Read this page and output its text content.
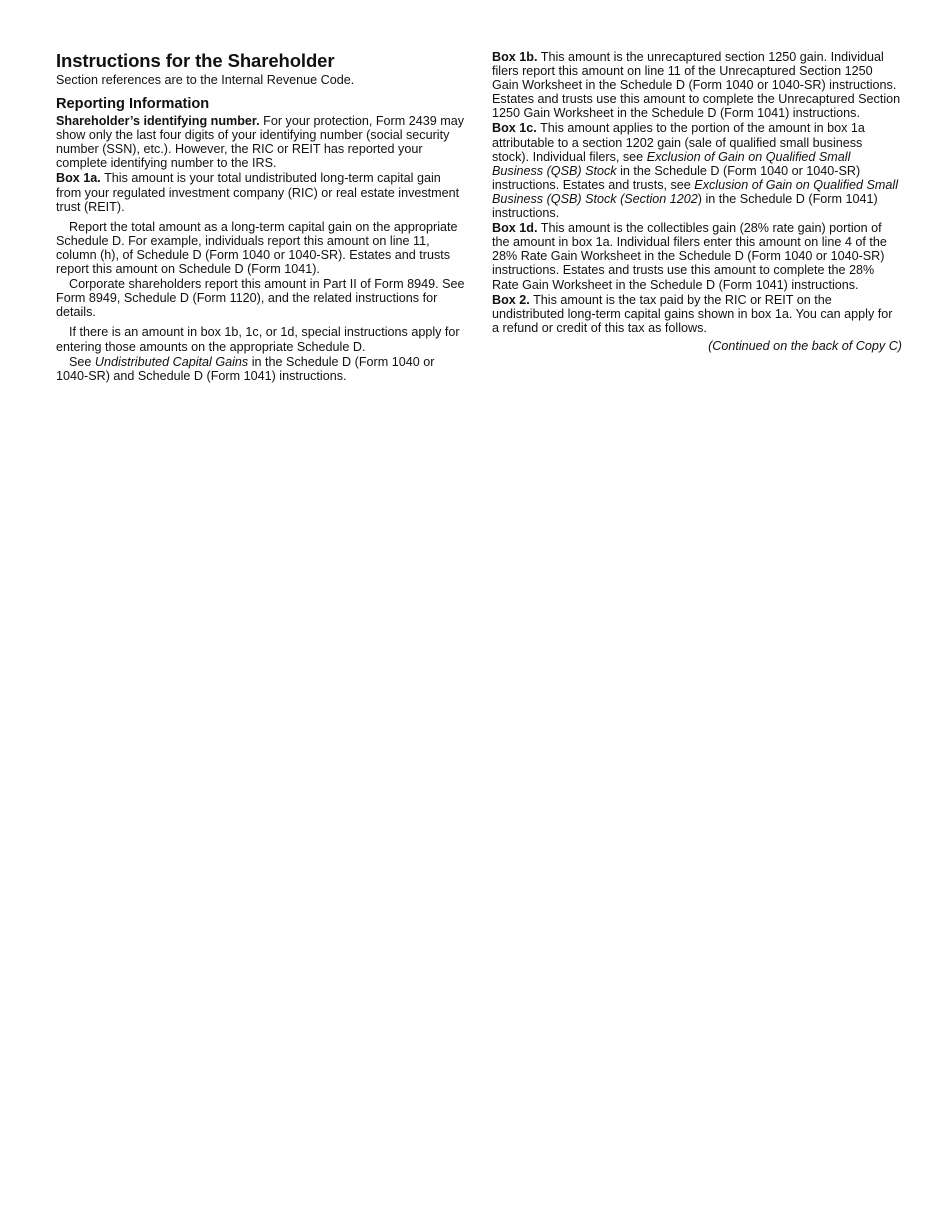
Instructions for the Shareholder
Section references are to the Internal Revenue Code.
Reporting Information

Shareholder’s identifying number. For your protection, Form 2439 may show only the last four digits of your identifying number (social security number (SSN), etc.). However, the RIC or REIT has reported your complete identifying number to the IRS.

Box 1a. This amount is your total undistributed long-term capital gain from your regulated investment company (RIC) or real estate investment trust (REIT).

Report the total amount as a long-term capital gain on the appropriate Schedule D. For example, individuals report this amount on line 11, column (h), of Schedule D (Form 1040 or 1040-SR). Estates and trusts report this amount on Schedule D (Form 1041).

Corporate shareholders report this amount in Part II of Form 8949. See Form 8949, Schedule D (Form 1120), and the related instructions for details.

If there is an amount in box 1b, 1c, or 1d, special instructions apply for entering those amounts on the appropriate Schedule D.

See Undistributed Capital Gains in the Schedule D (Form 1040 or 1040-SR) and Schedule D (Form 1041) instructions.

Box 1b. This amount is the unrecaptured section 1250 gain. Individual filers report this amount on line 11 of the Unrecaptured Section 1250 Gain Worksheet in the Schedule D (Form 1040 or 1040-SR) instructions. Estates and trusts use this amount to complete the Unrecaptured Section 1250 Gain Worksheet in the Schedule D (Form 1041) instructions.

Box 1c. This amount applies to the portion of the amount in box 1a attributable to a section 1202 gain (sale of qualified small business stock). Individual filers, see Exclusion of Gain on Qualified Small Business (QSB) Stock in the Schedule D (Form 1040 or 1040-SR) instructions. Estates and trusts, see Exclusion of Gain on Qualified Small Business (QSB) Stock (Section 1202) in the Schedule D (Form 1041) instructions.

Box 1d. This amount is the collectibles gain (28% rate gain) portion of the amount in box 1a. Individual filers enter this amount on line 4 of the 28% Rate Gain Worksheet in the Schedule D (Form 1040 or 1040-SR) instructions. Estates and trusts use this amount to complete the 28% Rate Gain Worksheet in the Schedule D (Form 1041) instructions.

Box 2. This amount is the tax paid by the RIC or REIT on the undistributed long-term capital gains shown in box 1a. You can apply for a refund or credit of this tax as follows.

(Continued on the back of Copy C)
